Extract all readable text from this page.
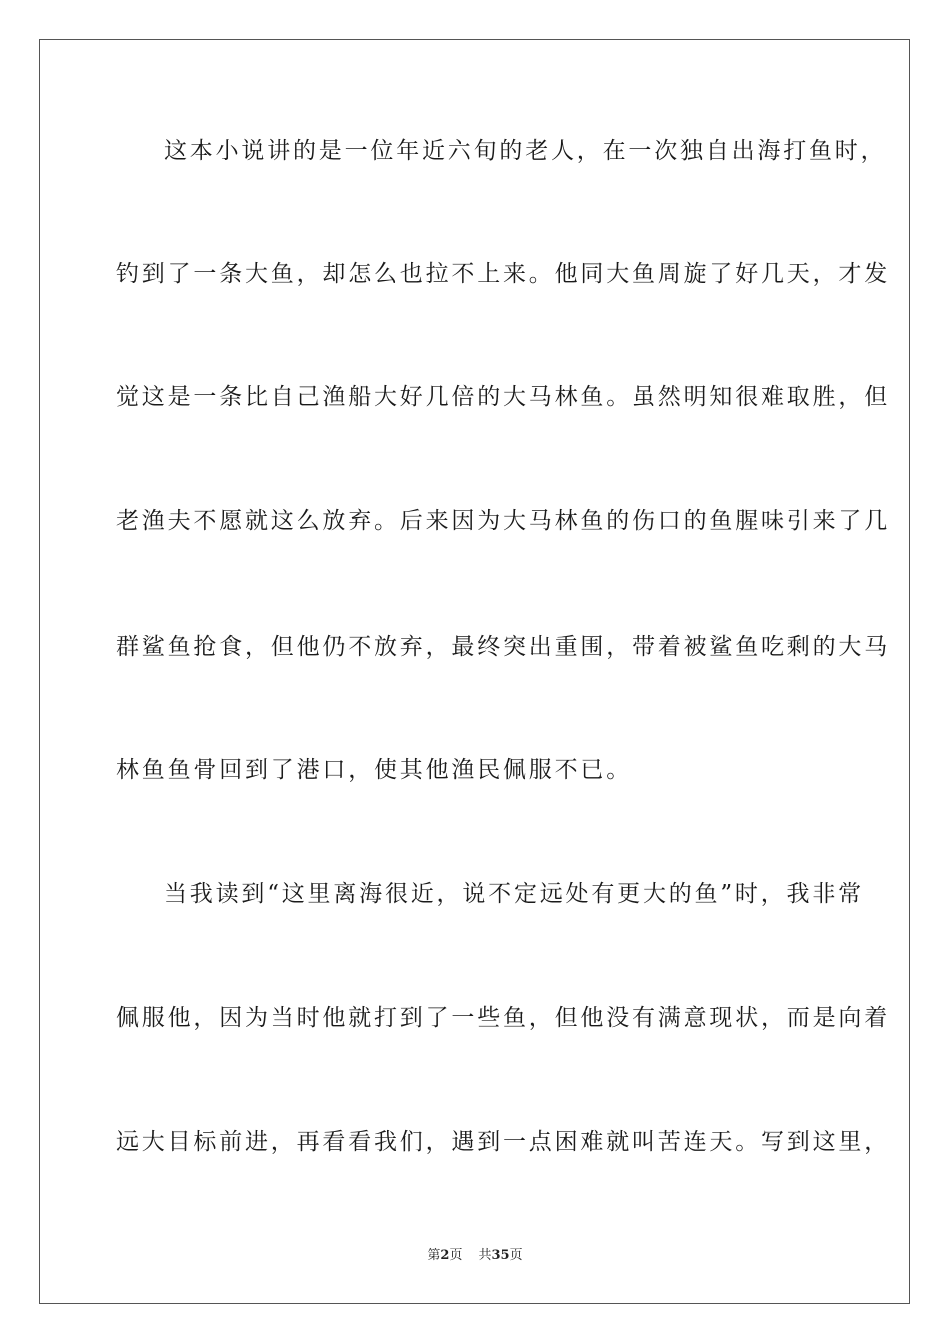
这本小说讲的是一位年近六旬的老人，在一次独自出海打鱼时，
钓到了一条大鱼，却怎么也拉不上来。他同大鱼周旋了好几天，才发
觉这是一条比自己渔船大好几倍的大马林鱼。虽然明知很难取胜，但
老渔夫不愿就这么放弃。后来因为大马林鱼的伤口的鱼腥味引来了几
群鲨鱼抢食，但他仍不放弃，最终突出重围，带着被鲨鱼吃剩的大马
林鱼鱼骨回到了港口，使其他渔民佩服不已。
当我读到“这里离海很近，说不定远处有更大的鱼”时，我非常
佩服他，因为当时他就打到了一些鱼，但他没有满意现状，而是向着
远大目标前进，再看看我们，遇到一点困难就叫苦连天。写到这里，
第2页 共35页
